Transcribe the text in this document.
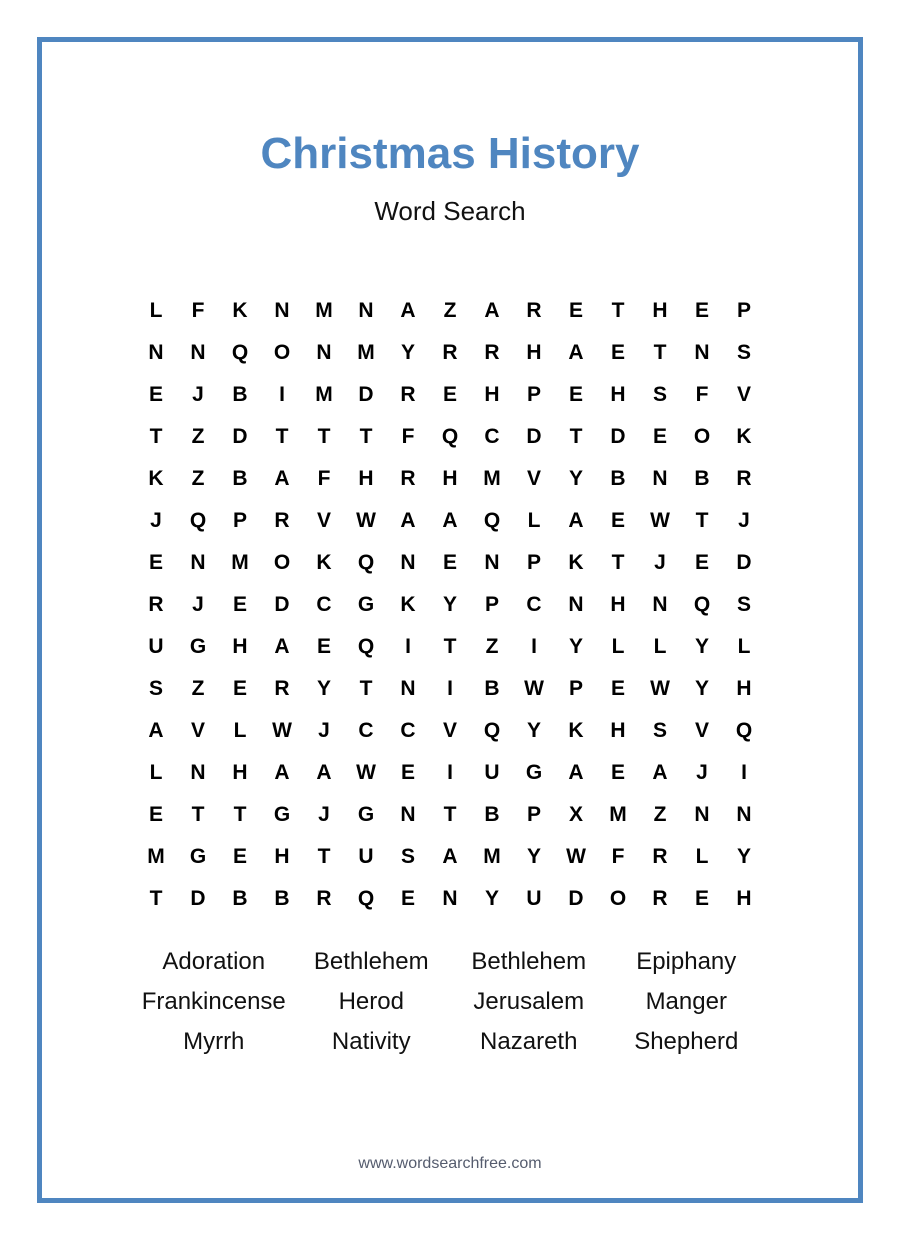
Christmas History
Word Search
L	F	K	N	M	N	A	Z	A	R	E	T	H	E	P
N	N	Q	O	N	M	Y	R	R	H	A	E	T	N	S
E	J	B	I	M	D	R	E	H	P	E	H	S	F	V
T	Z	D	T	T	T	F	Q	C	D	T	D	E	O	K
K	Z	B	A	F	H	R	H	M	V	Y	B	N	B	R
J	Q	P	R	V	W	A	A	Q	L	A	E	W	T	J
E	N	M	O	K	Q	N	E	N	P	K	T	J	E	D
R	J	E	D	C	G	K	Y	P	C	N	H	N	Q	S
U	G	H	A	E	Q	I	T	Z	I	Y	L	L	Y	L
S	Z	E	R	Y	T	N	I	B	W	P	E	W	Y	H
A	V	L	W	J	C	C	V	Q	Y	K	H	S	V	Q
L	N	H	A	A	W	E	I	U	G	A	E	A	J	I
E	T	T	G	J	G	N	T	B	P	X	M	Z	N	N
M	G	E	H	T	U	S	A	M	Y	W	F	R	L	Y
T	D	B	B	R	Q	E	N	Y	U	D	O	R	E	H
Adoration	Bethlehem	Bethlehem	Epiphany
Frankincense	Herod	Jerusalem	Manger
Myrrh	Nativity	Nazareth	Shepherd
www.wordsearchfree.com
